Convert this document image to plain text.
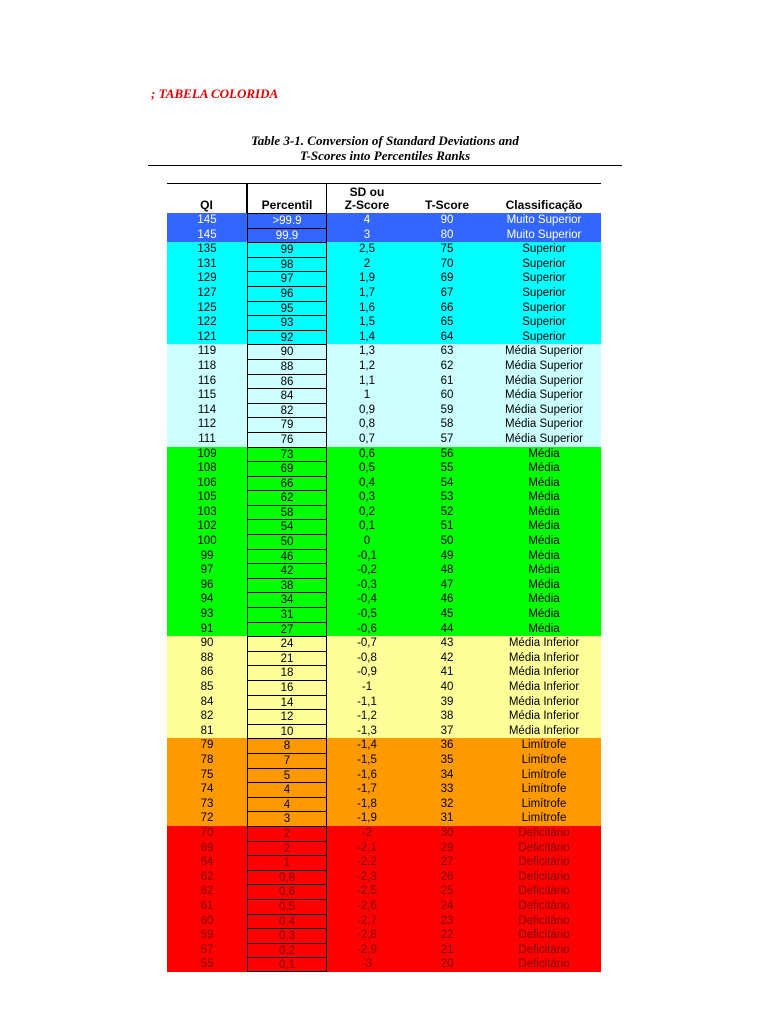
; TABELA COLORIDA
Table 3-1. Conversion of Standard Deviations and
T-Scores into Percentiles Ranks
QI	Percentil
SD ou
Z-Score	T-Score	Classificação
145	>99.9	4	90	Muito Superior
145	99.9	3	80	Muito Superior
135	99	2,5	75	Superior
131	98	2	70	Superior
129	97	1,9	69	Superior
127	96	1,7	67	Superior
125	95	1,6	66	Superior
122	93	1,5	65	Superior
121	92	1,4	64	Superior
119	90	1,3	63	Média Superior
118	88	1,2	62	Média Superior
116	86	1,1	61	Média Superior
115	84	1	60	Média Superior
114	82	0,9	59	Média Superior
112	79	0,8	58	Média Superior
111	76	0,7	57	Média Superior
109	73	0,6	56	Média
108	69	0,5	55	Média
106	66	0,4	54	Média
105	62	0,3	53	Média
103	58	0,2	52	Média
102	54	0,1	51	Média
100	50	0	50	Média
99	46	-0,1	49	Média
97	42	-0,2	48	Média
96	38	-0,3	47	Média
94	34	-0,4	46	Média
93	31	-0,5	45	Média
91	27	-0,6	44	Média
90	24	-0,7	43	Média Inferior
88	21	-0,8	42	Média Inferior
86	18	-0,9	41	Média Inferior
85	16	-1	40	Média Inferior
84	14	-1,1	39	Média Inferior
82	12	-1,2	38	Média Inferior
81	10	-1,3	37	Média Inferior
79	8	-1,4	36	Limítrofe
78	7	-1,5	35	Limítrofe
75	5	-1,6	34	Limítrofe
74	4	-1,7	33	Limítrofe
73	4	-1,8	32	Limítrofe
72	3	-1,9	31	Limítrofe
70	2	-2	30	Deficitário
69	2	-2,1	29	Deficitário
64	1	-2,2	27	Deficitário
62	0,8	-2,3	26	Deficitário
62	0,6	-2,5	25	Deficitário
61	0,5	-2,6	24	Deficitário
60	0,4	-2,7	23	Deficitário
59	0,3	-2,8	22	Deficitário
57	0,2	-2,9	21	Deficitário
55	0,1	-3	20	Deficitário
